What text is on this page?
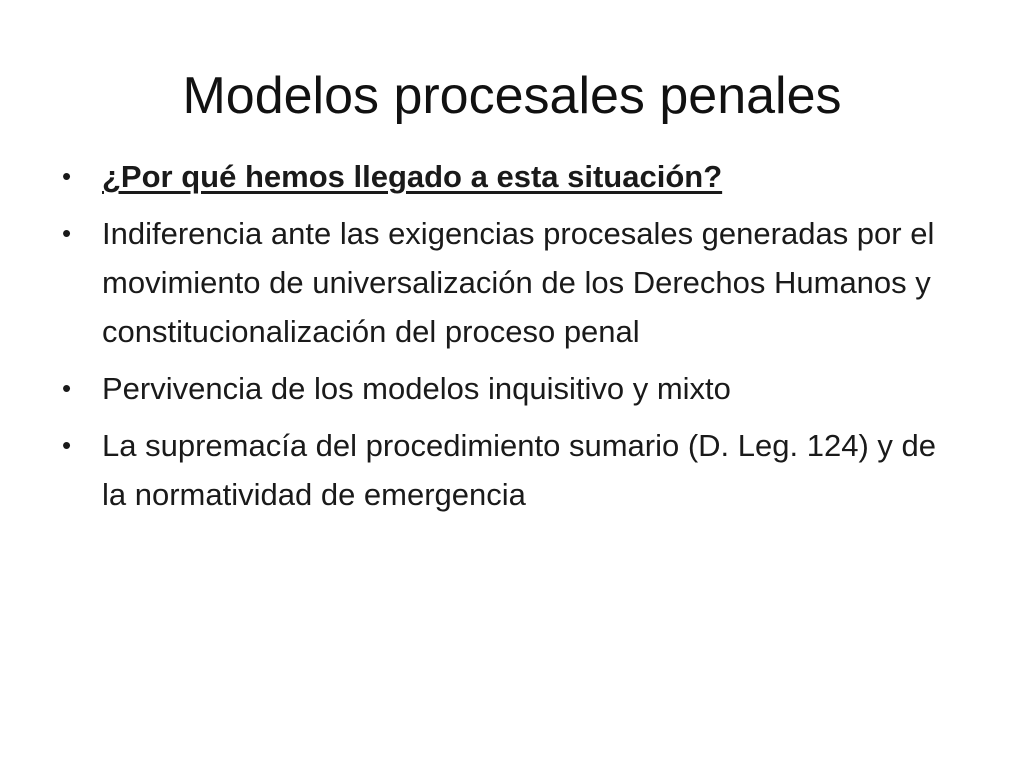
Modelos procesales penales
• ¿Por qué hemos llegado a esta situación?
• Indiferencia ante las exigencias procesales generadas por el movimiento de universalización de los Derechos Humanos y constitucionalización del proceso penal
• Pervivencia de los modelos inquisitivo y mixto
• La supremacía del procedimiento sumario (D. Leg. 124) y de la normatividad de emergencia
